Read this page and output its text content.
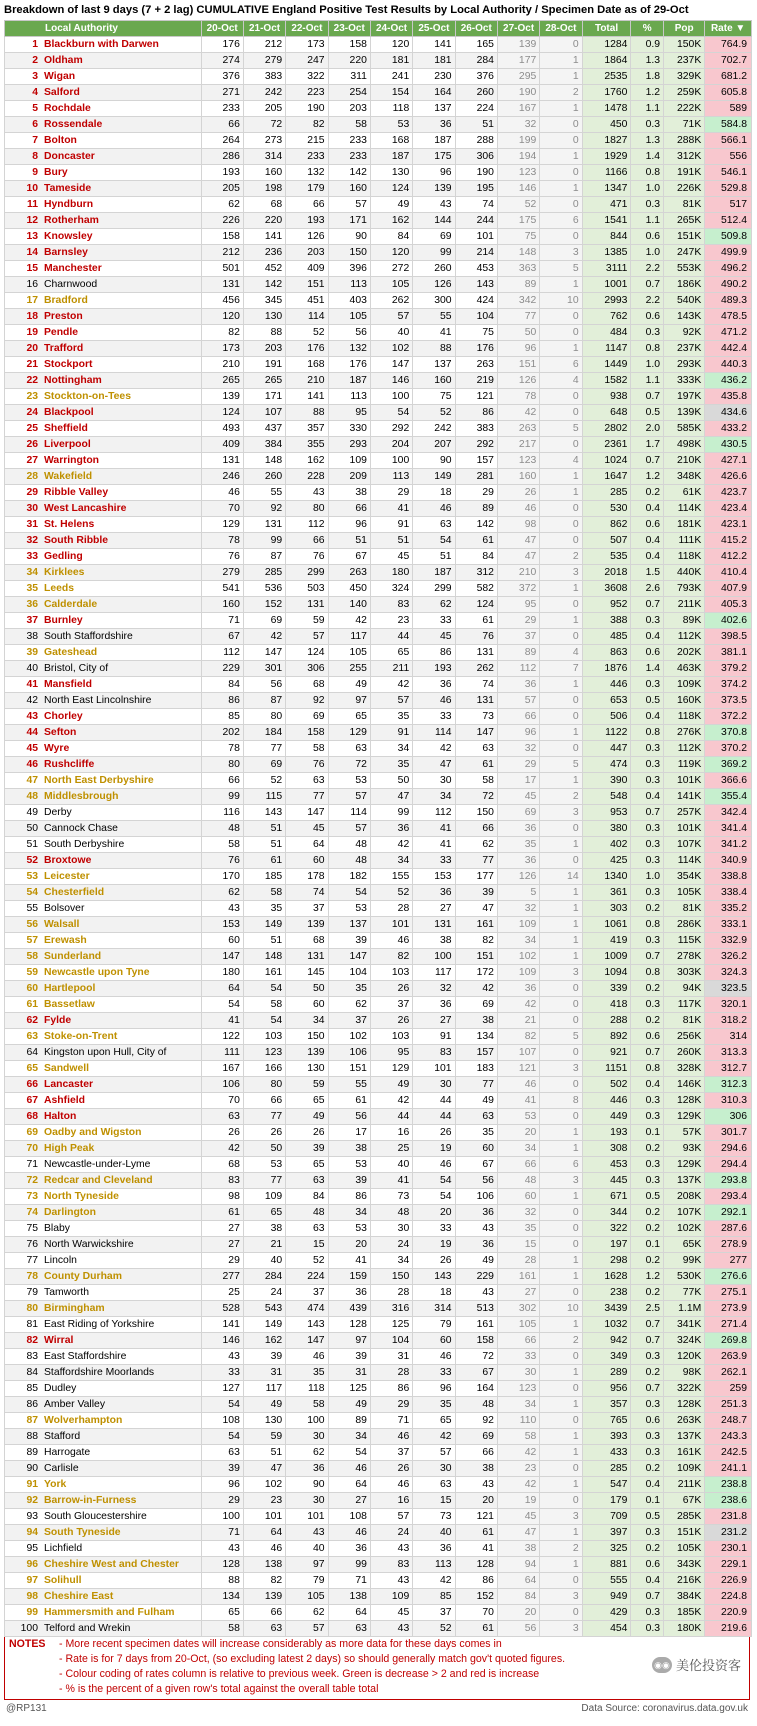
Breakdown of last 9 days (7 + 2 lag) CUMULATIVE England Positive Test Results by Local Authority / Specimen Date as of 29-Oct
Local Authority	20-Oct	21-Oct	22-Oct	23-Oct	24-Oct	25-Oct	26-Oct	27-Oct	28-Oct	Total	%	Pop	Rate ▼
1 Blackburn with Darwen	176	212	173	158	120	141	165	139	0	1284	0.9	150K	764.9
2 Oldham	274	279	247	220	181	181	284	177	1	1864	1.3	237K	702.7
3 Wigan	376	383	322	311	241	230	376	295	1	2535	1.8	329K	681.2
4 Salford	271	242	223	254	154	164	260	190	2	1760	1.2	259K	605.8
5 Rochdale	233	205	190	203	118	137	224	167	1	1478	1.1	222K	589
6 Rossendale	66	72	82	58	53	36	51	32	0	450	0.3	71K	584.8
7 Bolton	264	273	215	233	168	187	288	199	0	1827	1.3	288K	566.1
8 Doncaster	286	314	233	233	187	175	306	194	1	1929	1.4	312K	556
9 Bury	193	160	132	142	130	96	190	123	0	1166	0.8	191K	546.1
10 Tameside	205	198	179	160	124	139	195	146	1	1347	1.0	226K	529.8
11 Hyndburn	62	68	66	57	49	43	74	52	0	471	0.3	81K	517
12 Rotherham	226	220	193	171	162	144	244	175	6	1541	1.1	265K	512.4
13 Knowsley	158	141	126	90	84	69	101	75	0	844	0.6	151K	509.8
14 Barnsley	212	236	203	150	120	99	214	148	3	1385	1.0	247K	499.9
15 Manchester	501	452	409	396	272	260	453	363	5	3111	2.2	553K	496.2
16 Charnwood	131	142	151	113	105	126	143	89	1	1001	0.7	186K	490.2
17 Bradford	456	345	451	403	262	300	424	342	10	2993	2.2	540K	489.3
18 Preston	120	130	114	105	57	55	104	77	0	762	0.6	143K	478.5
19 Pendle	82	88	52	56	40	41	75	50	0	484	0.3	92K	471.2
20 Trafford	173	203	176	132	102	88	176	96	1	1147	0.8	237K	442.4
21 Stockport	210	191	168	176	147	137	263	151	6	1449	1.0	293K	440.3
22 Nottingham	265	265	210	187	146	160	219	126	4	1582	1.1	333K	436.2
23 Stockton-on-Tees	139	171	141	113	100	75	121	78	0	938	0.7	197K	435.8
24 Blackpool	124	107	88	95	54	52	86	42	0	648	0.5	139K	434.6
25 Sheffield	493	437	357	330	292	242	383	263	5	2802	2.0	585K	433.2
26 Liverpool	409	384	355	293	204	207	292	217	0	2361	1.7	498K	430.5
27 Warrington	131	148	162	109	100	90	157	123	4	1024	0.7	210K	427.1
28 Wakefield	246	260	228	209	113	149	281	160	1	1647	1.2	348K	426.6
29 Ribble Valley	46	55	43	38	29	18	29	26	1	285	0.2	61K	423.7
30 West Lancashire	70	92	80	66	41	46	89	46	0	530	0.4	114K	423.4
31 St. Helens	129	131	112	96	91	63	142	98	0	862	0.6	181K	423.1
32 South Ribble	78	99	66	51	51	54	61	47	0	507	0.4	111K	415.2
33 Gedling	76	87	76	67	45	51	84	47	2	535	0.4	118K	412.2
34 Kirklees	279	285	299	263	180	187	312	210	3	2018	1.5	440K	410.4
35 Leeds	541	536	503	450	324	299	582	372	1	3608	2.6	793K	407.9
36 Calderdale	160	152	131	140	83	62	124	95	0	952	0.7	211K	405.3
37 Burnley	71	69	59	42	23	33	61	29	1	388	0.3	89K	402.6
38 South Staffordshire	67	42	57	117	44	45	76	37	0	485	0.4	112K	398.5
39 Gateshead	112	147	124	105	65	86	131	89	4	863	0.6	202K	381.1
40 Bristol, City of	229	301	306	255	211	193	262	112	7	1876	1.4	463K	379.2
41 Mansfield	84	56	68	49	42	36	74	36	1	446	0.3	109K	374.2
42 North East Lincolnshire	86	87	92	97	57	46	131	57	0	653	0.5	160K	373.5
43 Chorley	85	80	69	65	35	33	73	66	0	506	0.4	118K	372.2
44 Sefton	202	184	158	129	91	114	147	96	1	1122	0.8	276K	370.8
45 Wyre	78	77	58	63	34	42	63	32	0	447	0.3	112K	370.2
46 Rushcliffe	80	69	76	72	35	47	61	29	5	474	0.3	119K	369.2
47 North East Derbyshire	66	52	63	53	50	30	58	17	1	390	0.3	101K	366.6
48 Middlesbrough	99	115	77	57	47	34	72	45	2	548	0.4	141K	355.4
49 Derby	116	143	147	114	99	112	150	69	3	953	0.7	257K	342.4
50 Cannock Chase	48	51	45	57	36	41	66	36	0	380	0.3	101K	341.4
51 South Derbyshire	58	51	64	48	42	41	62	35	1	402	0.3	107K	341.2
52 Broxtowe	76	61	60	48	34	33	77	36	0	425	0.3	114K	340.9
53 Leicester	170	185	178	182	155	153	177	126	14	1340	1.0	354K	338.8
54 Chesterfield	62	58	74	54	52	36	39	5	1	361	0.3	105K	338.4
55 Bolsover	43	35	37	53	28	27	47	32	1	303	0.2	81K	335.2
56 Walsall	153	149	139	137	101	131	161	109	1	1061	0.8	286K	333.1
57 Erewash	60	51	68	39	46	38	82	34	1	419	0.3	115K	332.9
58 Sunderland	147	148	131	147	82	100	151	102	1	1009	0.7	278K	326.2
59 Newcastle upon Tyne	180	161	145	104	103	117	172	109	3	1094	0.8	303K	324.3
60 Hartlepool	64	54	50	35	26	32	42	36	0	339	0.2	94K	323.5
61 Bassetlaw	54	58	60	62	37	36	69	42	0	418	0.3	117K	320.1
62 Fylde	41	54	34	37	26	27	38	21	0	288	0.2	81K	318.2
63 Stoke-on-Trent	122	103	150	102	103	91	134	82	5	892	0.6	256K	314
64 Kingston upon Hull, City of	111	123	139	106	95	83	157	107	0	921	0.7	260K	313.3
65 Sandwell	167	166	130	151	129	101	183	121	3	1151	0.8	328K	312.7
66 Lancaster	106	80	59	55	49	30	77	46	0	502	0.4	146K	312.3
67 Ashfield	70	66	65	61	42	44	49	41	8	446	0.3	128K	310.3
68 Halton	63	77	49	56	44	44	63	53	0	449	0.3	129K	306
69 Oadby and Wigston	26	26	26	17	16	26	35	20	1	193	0.1	57K	301.7
70 High Peak	42	50	39	38	25	19	60	34	1	308	0.2	93K	294.6
71 Newcastle-under-Lyme	68	53	65	53	40	46	67	66	6	453	0.3	129K	294.4
72 Redcar and Cleveland	83	77	63	39	41	54	56	48	3	445	0.3	137K	293.8
73 North Tyneside	98	109	84	86	73	54	106	60	1	671	0.5	208K	293.4
74 Darlington	61	65	48	34	48	20	36	32	0	344	0.2	107K	292.1
75 Blaby	27	38	63	53	30	33	43	35	0	322	0.2	102K	287.6
76 North Warwickshire	27	21	15	20	24	19	36	15	0	197	0.1	65K	278.9
77 Lincoln	29	40	52	41	34	26	49	28	1	298	0.2	99K	277
78 County Durham	277	284	224	159	150	143	229	161	1	1628	1.2	530K	276.6
79 Tamworth	25	24	37	36	28	18	43	27	0	238	0.2	77K	275.1
80 Birmingham	528	543	474	439	316	314	513	302	10	3439	2.5	1.1M	273.9
81 East Riding of Yorkshire	141	149	143	128	125	79	161	105	1	1032	0.7	341K	271.4
82 Wirral	146	162	147	97	104	60	158	66	2	942	0.7	324K	269.8
83 East Staffordshire	43	39	46	39	31	46	72	33	0	349	0.3	120K	263.9
84 Staffordshire Moorlands	33	31	35	31	28	33	67	30	1	289	0.2	98K	262.1
85 Dudley	127	117	118	125	86	96	164	123	0	956	0.7	322K	259
86 Amber Valley	54	49	58	49	29	35	48	34	1	357	0.3	128K	251.3
87 Wolverhampton	108	130	100	89	71	65	92	110	0	765	0.6	263K	248.7
88 Stafford	54	59	30	34	46	42	69	58	1	393	0.3	137K	243.3
89 Harrogate	63	51	62	54	37	57	66	42	1	433	0.3	161K	242.5
90 Carlisle	39	47	36	46	26	30	38	23	0	285	0.2	109K	241.1
91 York	96	102	90	64	46	63	43	42	1	547	0.4	211K	238.8
92 Barrow-in-Furness	29	23	30	27	16	15	20	19	0	179	0.1	67K	238.6
93 South Gloucestershire	100	101	101	108	57	73	121	45	3	709	0.5	285K	231.8
94 South Tyneside	71	64	43	46	24	40	61	47	1	397	0.3	151K	231.2
95 Lichfield	43	46	40	36	43	36	41	38	2	325	0.2	105K	230.1
96 Cheshire West and Chester	128	138	97	99	83	113	128	94	1	881	0.6	343K	229.1
97 Solihull	88	82	79	71	43	42	86	64	0	555	0.4	216K	226.9
98 Cheshire East	134	139	105	138	109	85	152	84	3	949	0.7	384K	224.8
99 Hammersmith and Fulham	65	66	62	64	45	37	70	20	0	429	0.3	185K	220.9
100 Telford and Wrekin	58	63	57	63	43	52	61	56	3	454	0.3	180K	219.6
NOTES - More recent specimen dates will increase considerably as more data for these days comes in
- Rate is for 7 days from 20-Oct, (so excluding latest 2 days) so should generally match gov't quoted figures.
- Colour coding of rates column is relative to previous week. Green is decrease > 2 and red is increase
- % is the percent of a given row's total against the overall table total
◉◉ 美伦投资客
@RP131	Data Source: coronavirus.data.gov.uk
